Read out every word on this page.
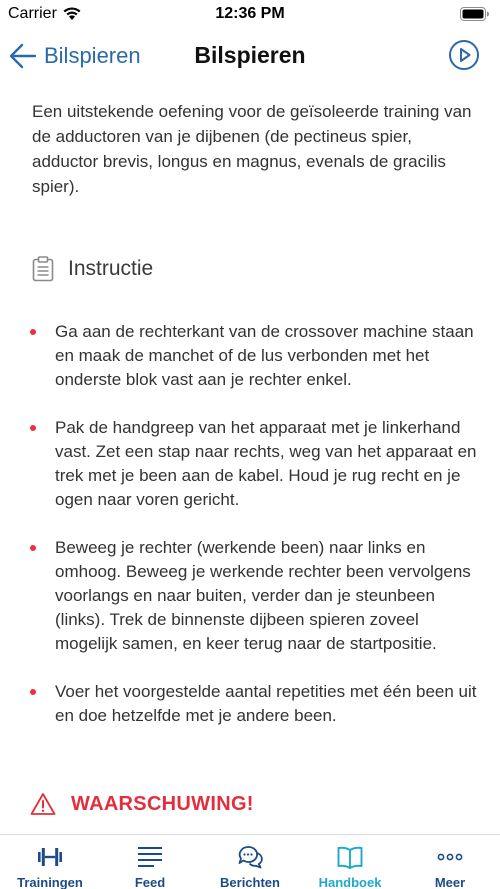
Carrier	12:36 PM
Bilspieren	Bilspieren

Een uitstekende oefening voor de geïsoleerde training van de adductoren van je dijbenen (de pectineus spier, adductor brevis, longus en magnus, evenals de gracilis spier).

Instructie
Ga aan de rechterkant van de crossover machine staan en maak de manchet of de lus verbonden met het onderste blok vast aan je rechter enkel.
Pak de handgreep van het apparaat met je linkerhand vast. Zet een stap naar rechts, weg van het apparaat en trek met je been aan de kabel. Houd je rug recht en je ogen naar voren gericht.
Beweeg je rechter (werkende been) naar links en omhoog. Beweeg je werkende rechter been vervolgens voorlangs en naar buiten, verder dan je steunbeen (links). Trek de binnenste dijbeen spieren zoveel mogelijk samen, en keer terug naar de startpositie.
Voer het voorgestelde aantal repetities met één been uit en doe hetzelfde met je andere been.
WAARSCHUWING!
Trainingen	Feed	Berichten	Handboek	Meer
